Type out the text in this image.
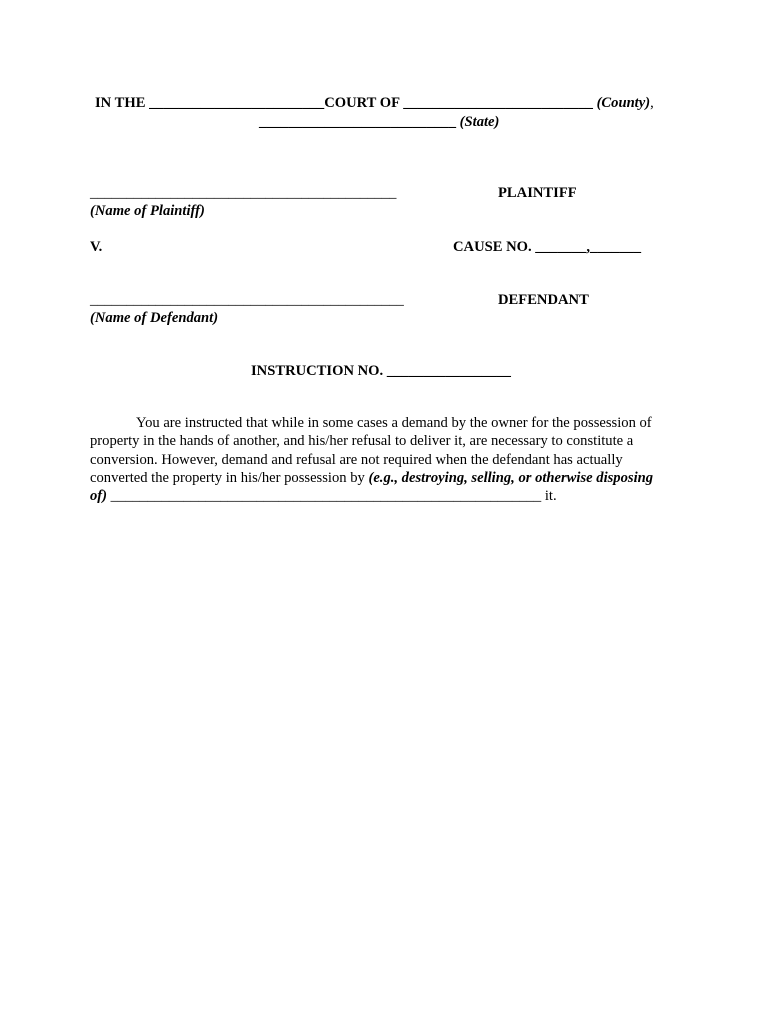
IN THE ________________________COURT OF __________________________ (County),
___________________________ (State)
__________________________________________	PLAINTIFF
(Name of Plaintiff)
V.	CAUSE NO. _______,_______
___________________________________________	DEFENDANT
(Name of Defendant)
INSTRUCTION NO. _________________
You are instructed that while in some cases a demand by the owner for the possession of
property in the hands of another, and his/her refusal to deliver it, are necessary to constitute a
conversion. However, demand and refusal are not required when the defendant has actually
converted the property in his/her possession by (e.g., destroying, selling, or otherwise disposing
of) ___________________________________________________________ it.
